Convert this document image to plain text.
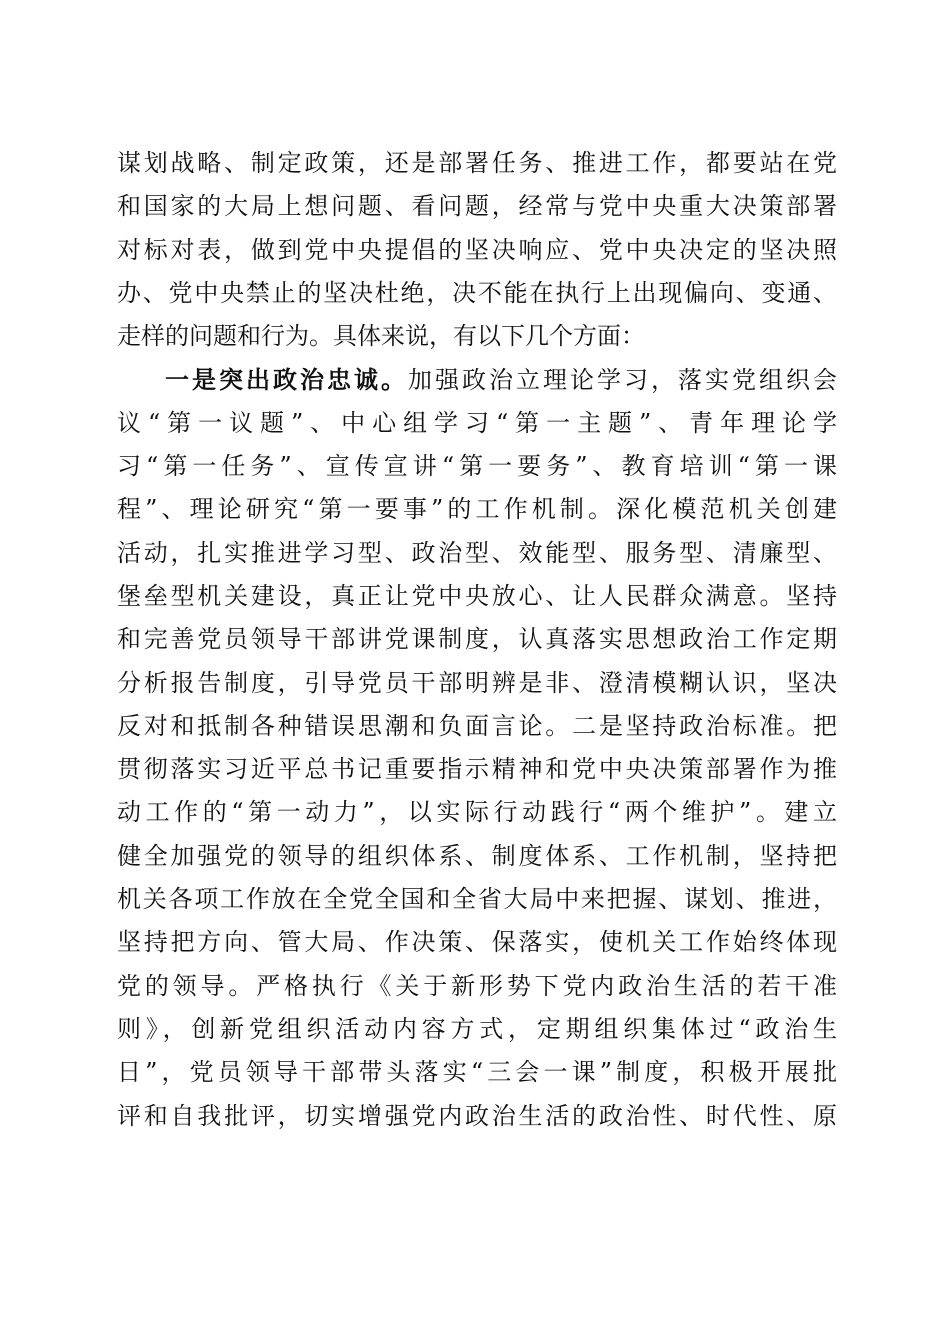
谋划战略、制定政策，还是部署任务、推进工作，都要站在党
和国家的大局上想问题、看问题，经常与党中央重大决策部署
对标对表，做到党中央提倡的坚决响应、党中央决定的坚决照
办、党中央禁止的坚决杜绝，决不能在执行上出现偏向、变通、
走样的问题和行为。具体来说，有以下几个方面：
一是突出政治忠诚。加强政治立理论学习，落实党组织会
议“第一议题”、中心组学习“第一主题”、青年理论学
习“第一任务”、宣传宣讲“第一要务”、教育培训“第一课
程”、理论研究“第一要事”的工作机制。深化模范机关创建
活动，扎实推进学习型、政治型、效能型、服务型、清廉型、
堡垒型机关建设，真正让党中央放心、让人民群众满意。坚持
和完善党员领导干部讲党课制度，认真落实思想政治工作定期
分析报告制度，引导党员干部明辨是非、澄清模糊认识，坚决
反对和抵制各种错误思潮和负面言论。二是坚持政治标准。把
贯彻落实习近平总书记重要指示精神和党中央决策部署作为推
动工作的“第一动力”，以实际行动践行“两个维护”。建立
健全加强党的领导的组织体系、制度体系、工作机制，坚持把
机关各项工作放在全党全国和全省大局中来把握、谋划、推进，
坚持把方向、管大局、作决策、保落实，使机关工作始终体现
党的领导。严格执行《关于新形势下党内政治生活的若干准
则》，创新党组织活动内容方式，定期组织集体过“政治生
日”，党员领导干部带头落实“三会一课”制度，积极开展批
评和自我批评，切实增强党内政治生活的政治性、时代性、原
